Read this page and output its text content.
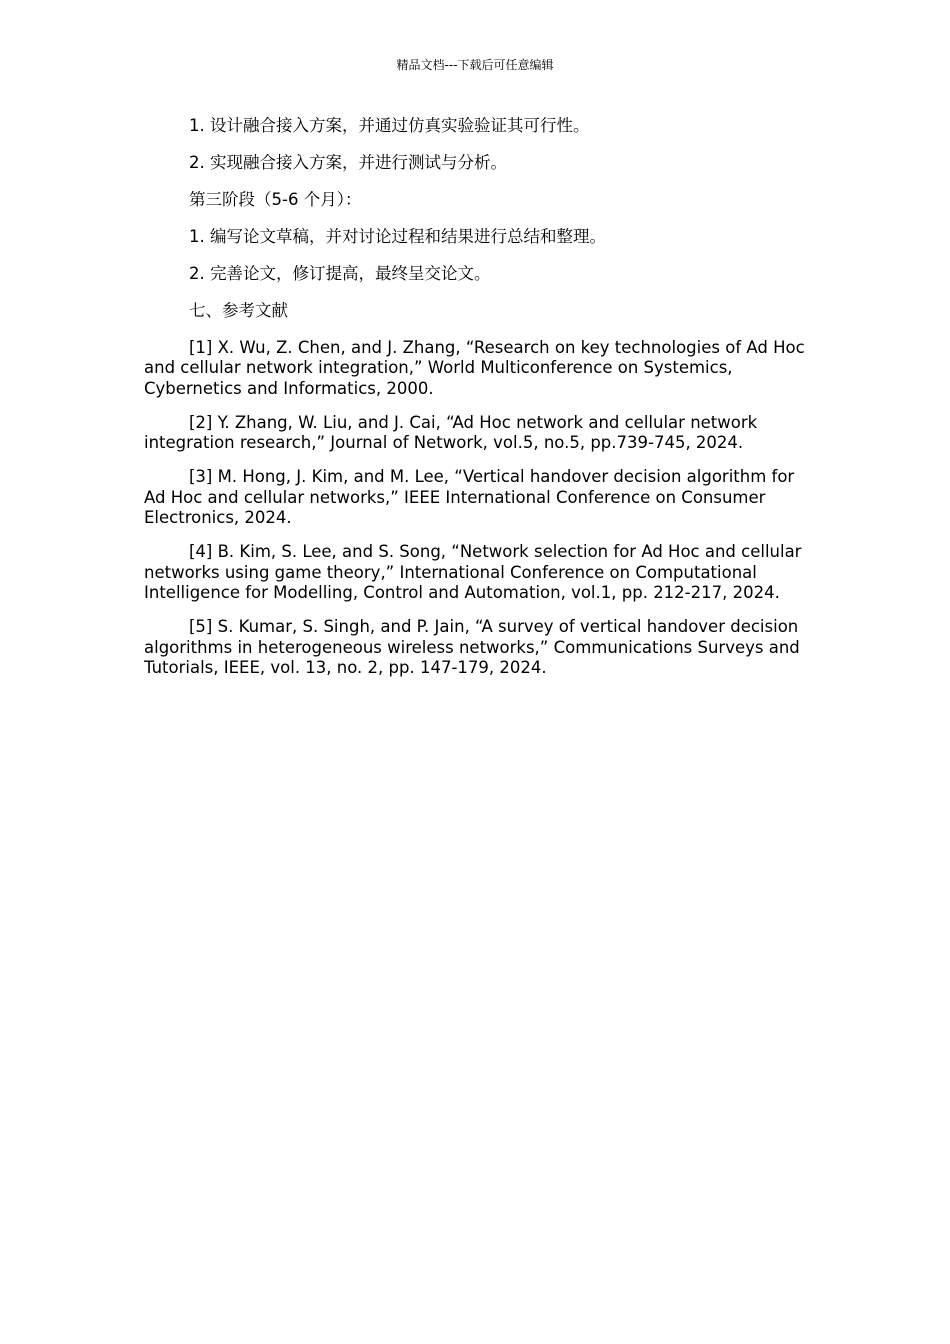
精品文档---下载后可任意编辑

1. 设计融合接入方案，并通过仿真实验验证其可行性。

2. 实现融合接入方案，并进行测试与分析。

第三阶段（5-6 个月）：

1. 编写论文草稿，并对讨论过程和结果进行总结和整理。

2. 完善论文，修订提高，最终呈交论文。

七、参考文献

[1] X. Wu, Z. Chen, and J. Zhang, “Research on key technologies of Ad Hoc and cellular network integration,” World Multiconference on Systemics, Cybernetics and Informatics, 2000.

[2] Y. Zhang, W. Liu, and J. Cai, “Ad Hoc network and cellular network integration research,” Journal of Network, vol.5, no.5, pp.739-745, 2024.

[3] M. Hong, J. Kim, and M. Lee, “Vertical handover decision algorithm for Ad Hoc and cellular networks,” IEEE International Conference on Consumer Electronics, 2024.

[4] B. Kim, S. Lee, and S. Song, “Network selection for Ad Hoc and cellular networks using game theory,” International Conference on Computational Intelligence for Modelling, Control and Automation, vol.1, pp. 212-217, 2024.

[5] S. Kumar, S. Singh, and P. Jain, “A survey of vertical handover decision algorithms in heterogeneous wireless networks,” Communications Surveys and Tutorials, IEEE, vol. 13, no. 2, pp. 147-179, 2024.
